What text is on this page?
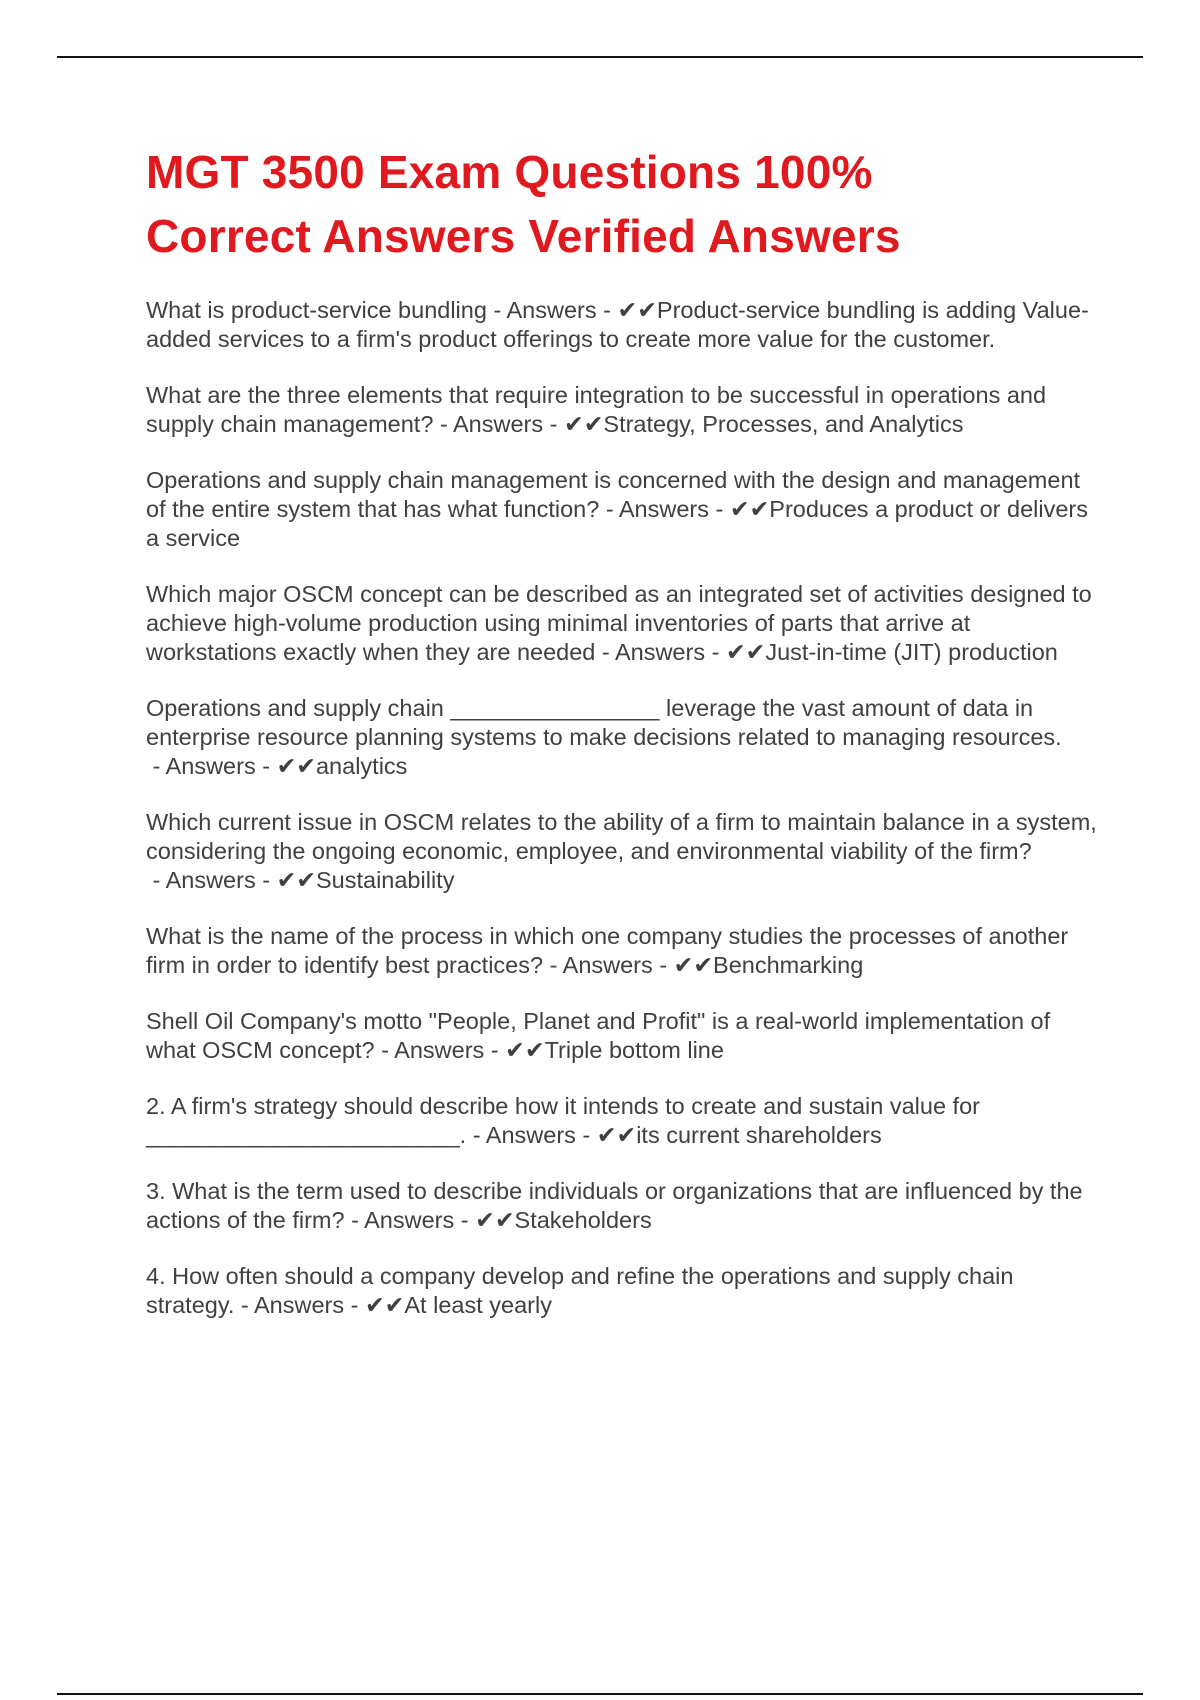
MGT 3500 Exam Questions 100%
Correct Answers Verified Answers

What is product-service bundling - Answers - ✔✔Product-service bundling is adding Value-added services to a firm's product offerings to create more value for the customer.

What are the three elements that require integration to be successful in operations and supply chain management? - Answers - ✔✔Strategy, Processes, and Analytics

Operations and supply chain management is concerned with the design and management of the entire system that has what function? - Answers - ✔✔Produces a product or delivers a service

Which major OSCM concept can be described as an integrated set of activities designed to achieve high-volume production using minimal inventories of parts that arrive at workstations exactly when they are needed - Answers - ✔✔Just-in-time (JIT) production

Operations and supply chain ________________ leverage the vast amount of data in enterprise resource planning systems to make decisions related to managing resources. - Answers - ✔✔analytics

Which current issue in OSCM relates to the ability of a firm to maintain balance in a system, considering the ongoing economic, employee, and environmental viability of the firm? - Answers - ✔✔Sustainability

What is the name of the process in which one company studies the processes of another firm in order to identify best practices? - Answers - ✔✔Benchmarking

Shell Oil Company's motto "People, Planet and Profit" is a real-world implementation of what OSCM concept? - Answers - ✔✔Triple bottom line

2. A firm's strategy should describe how it intends to create and sustain value for ________________________. - Answers - ✔✔its current shareholders

3. What is the term used to describe individuals or organizations that are influenced by the actions of the firm? - Answers - ✔✔Stakeholders

4. How often should a company develop and refine the operations and supply chain strategy. - Answers - ✔✔At least yearly
